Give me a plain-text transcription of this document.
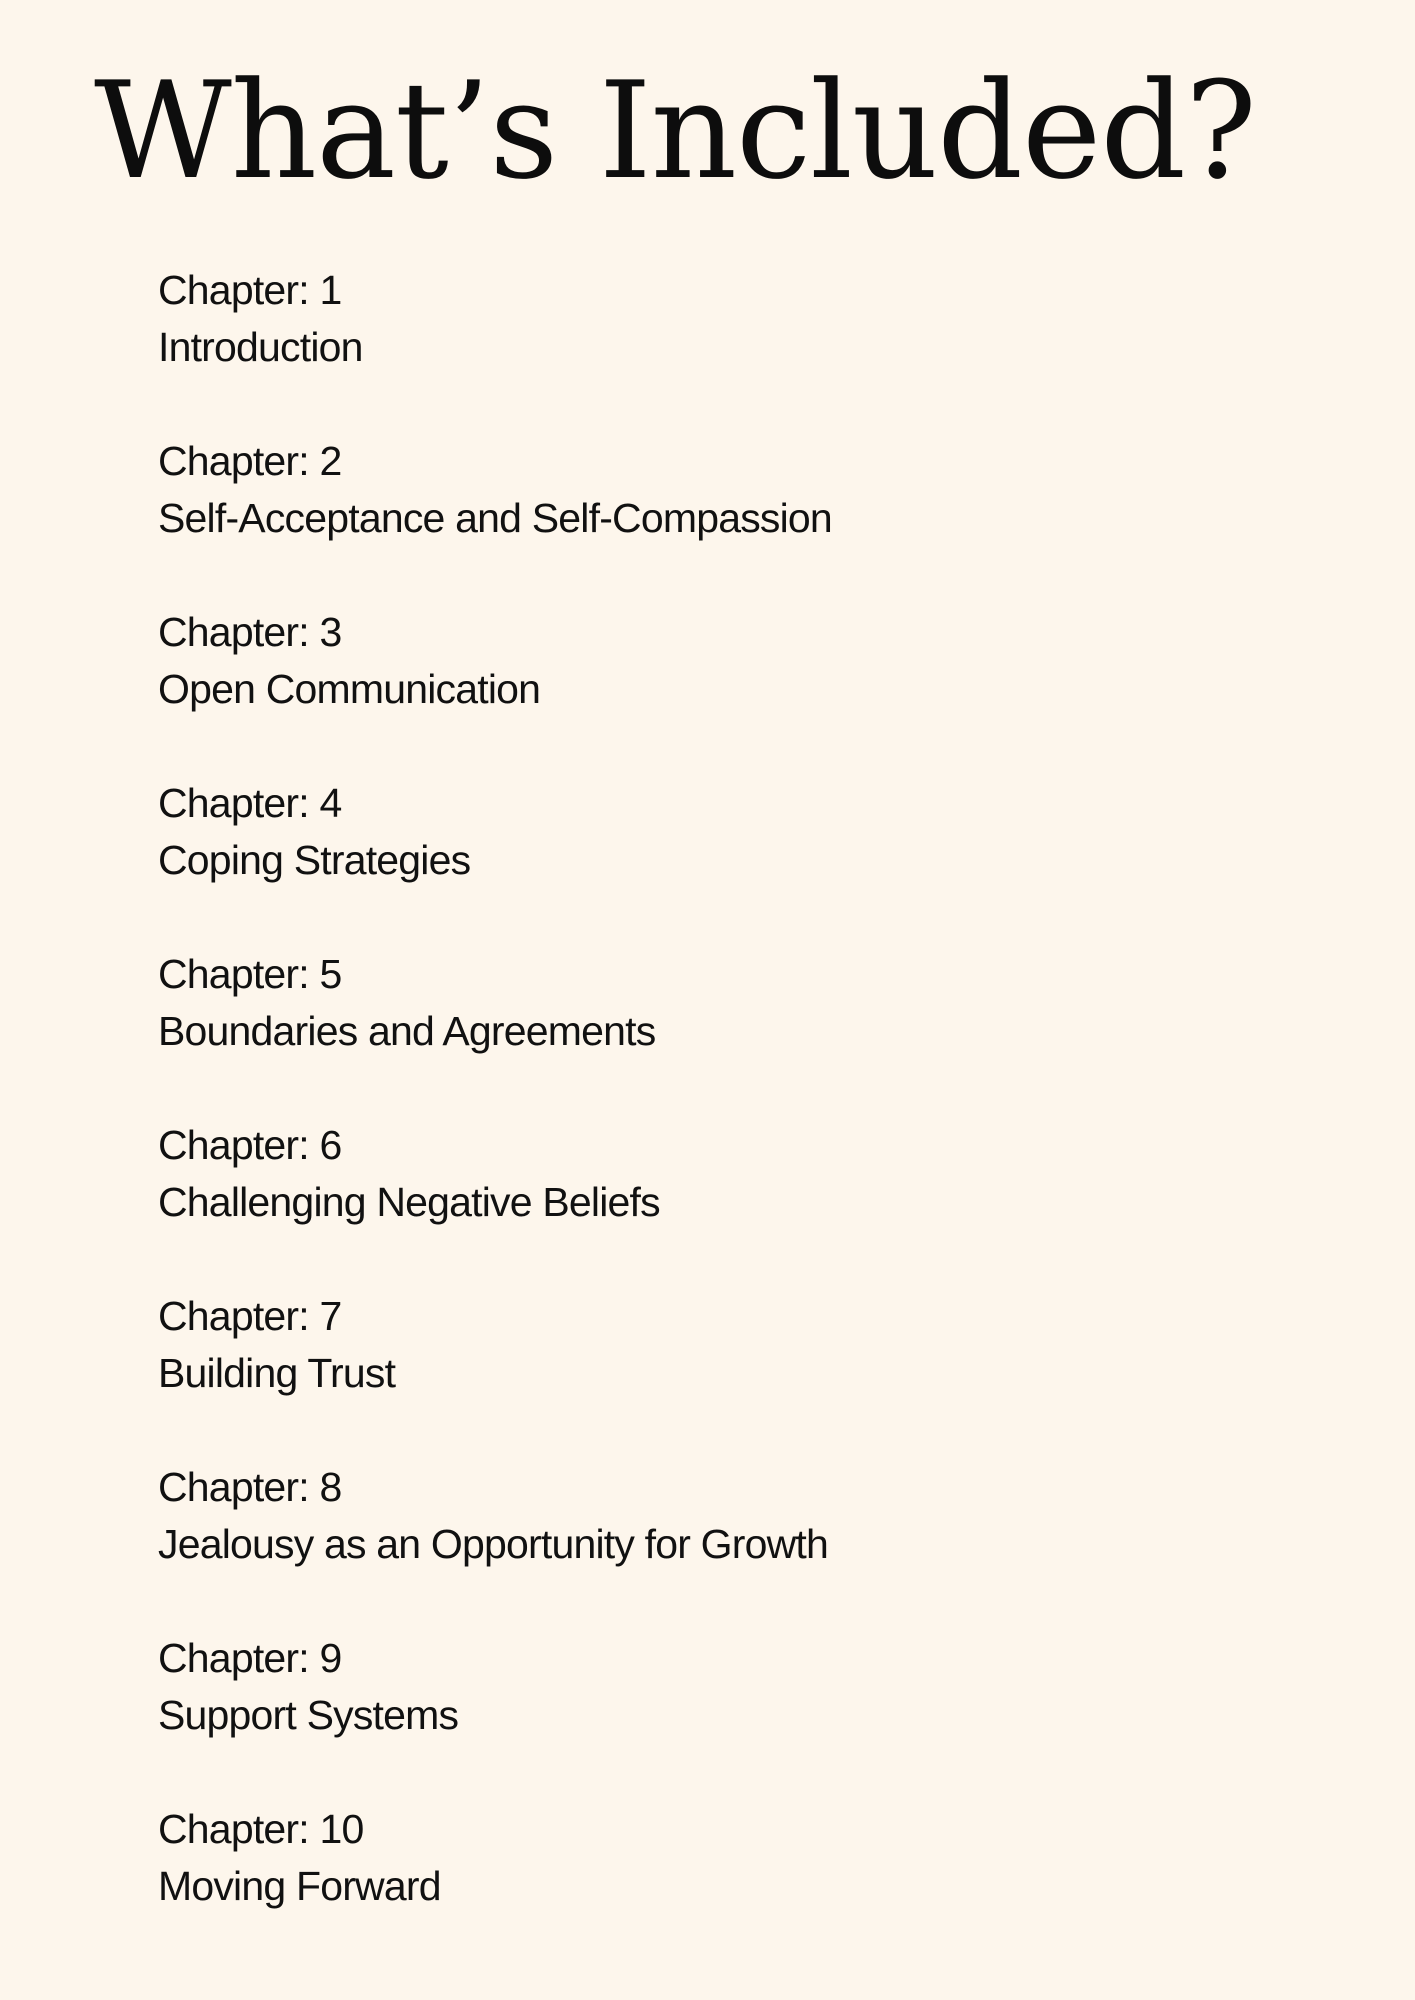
What’s Included?
Chapter: 1
Introduction
Chapter: 2
Self-Acceptance and Self-Compassion
Chapter: 3
Open Communication
Chapter: 4
Coping Strategies
Chapter: 5
Boundaries and Agreements
Chapter: 6
Challenging Negative Beliefs
Chapter: 7
Building Trust
Chapter: 8
Jealousy as an Opportunity for Growth
Chapter: 9
Support Systems
Chapter: 10
Moving Forward
